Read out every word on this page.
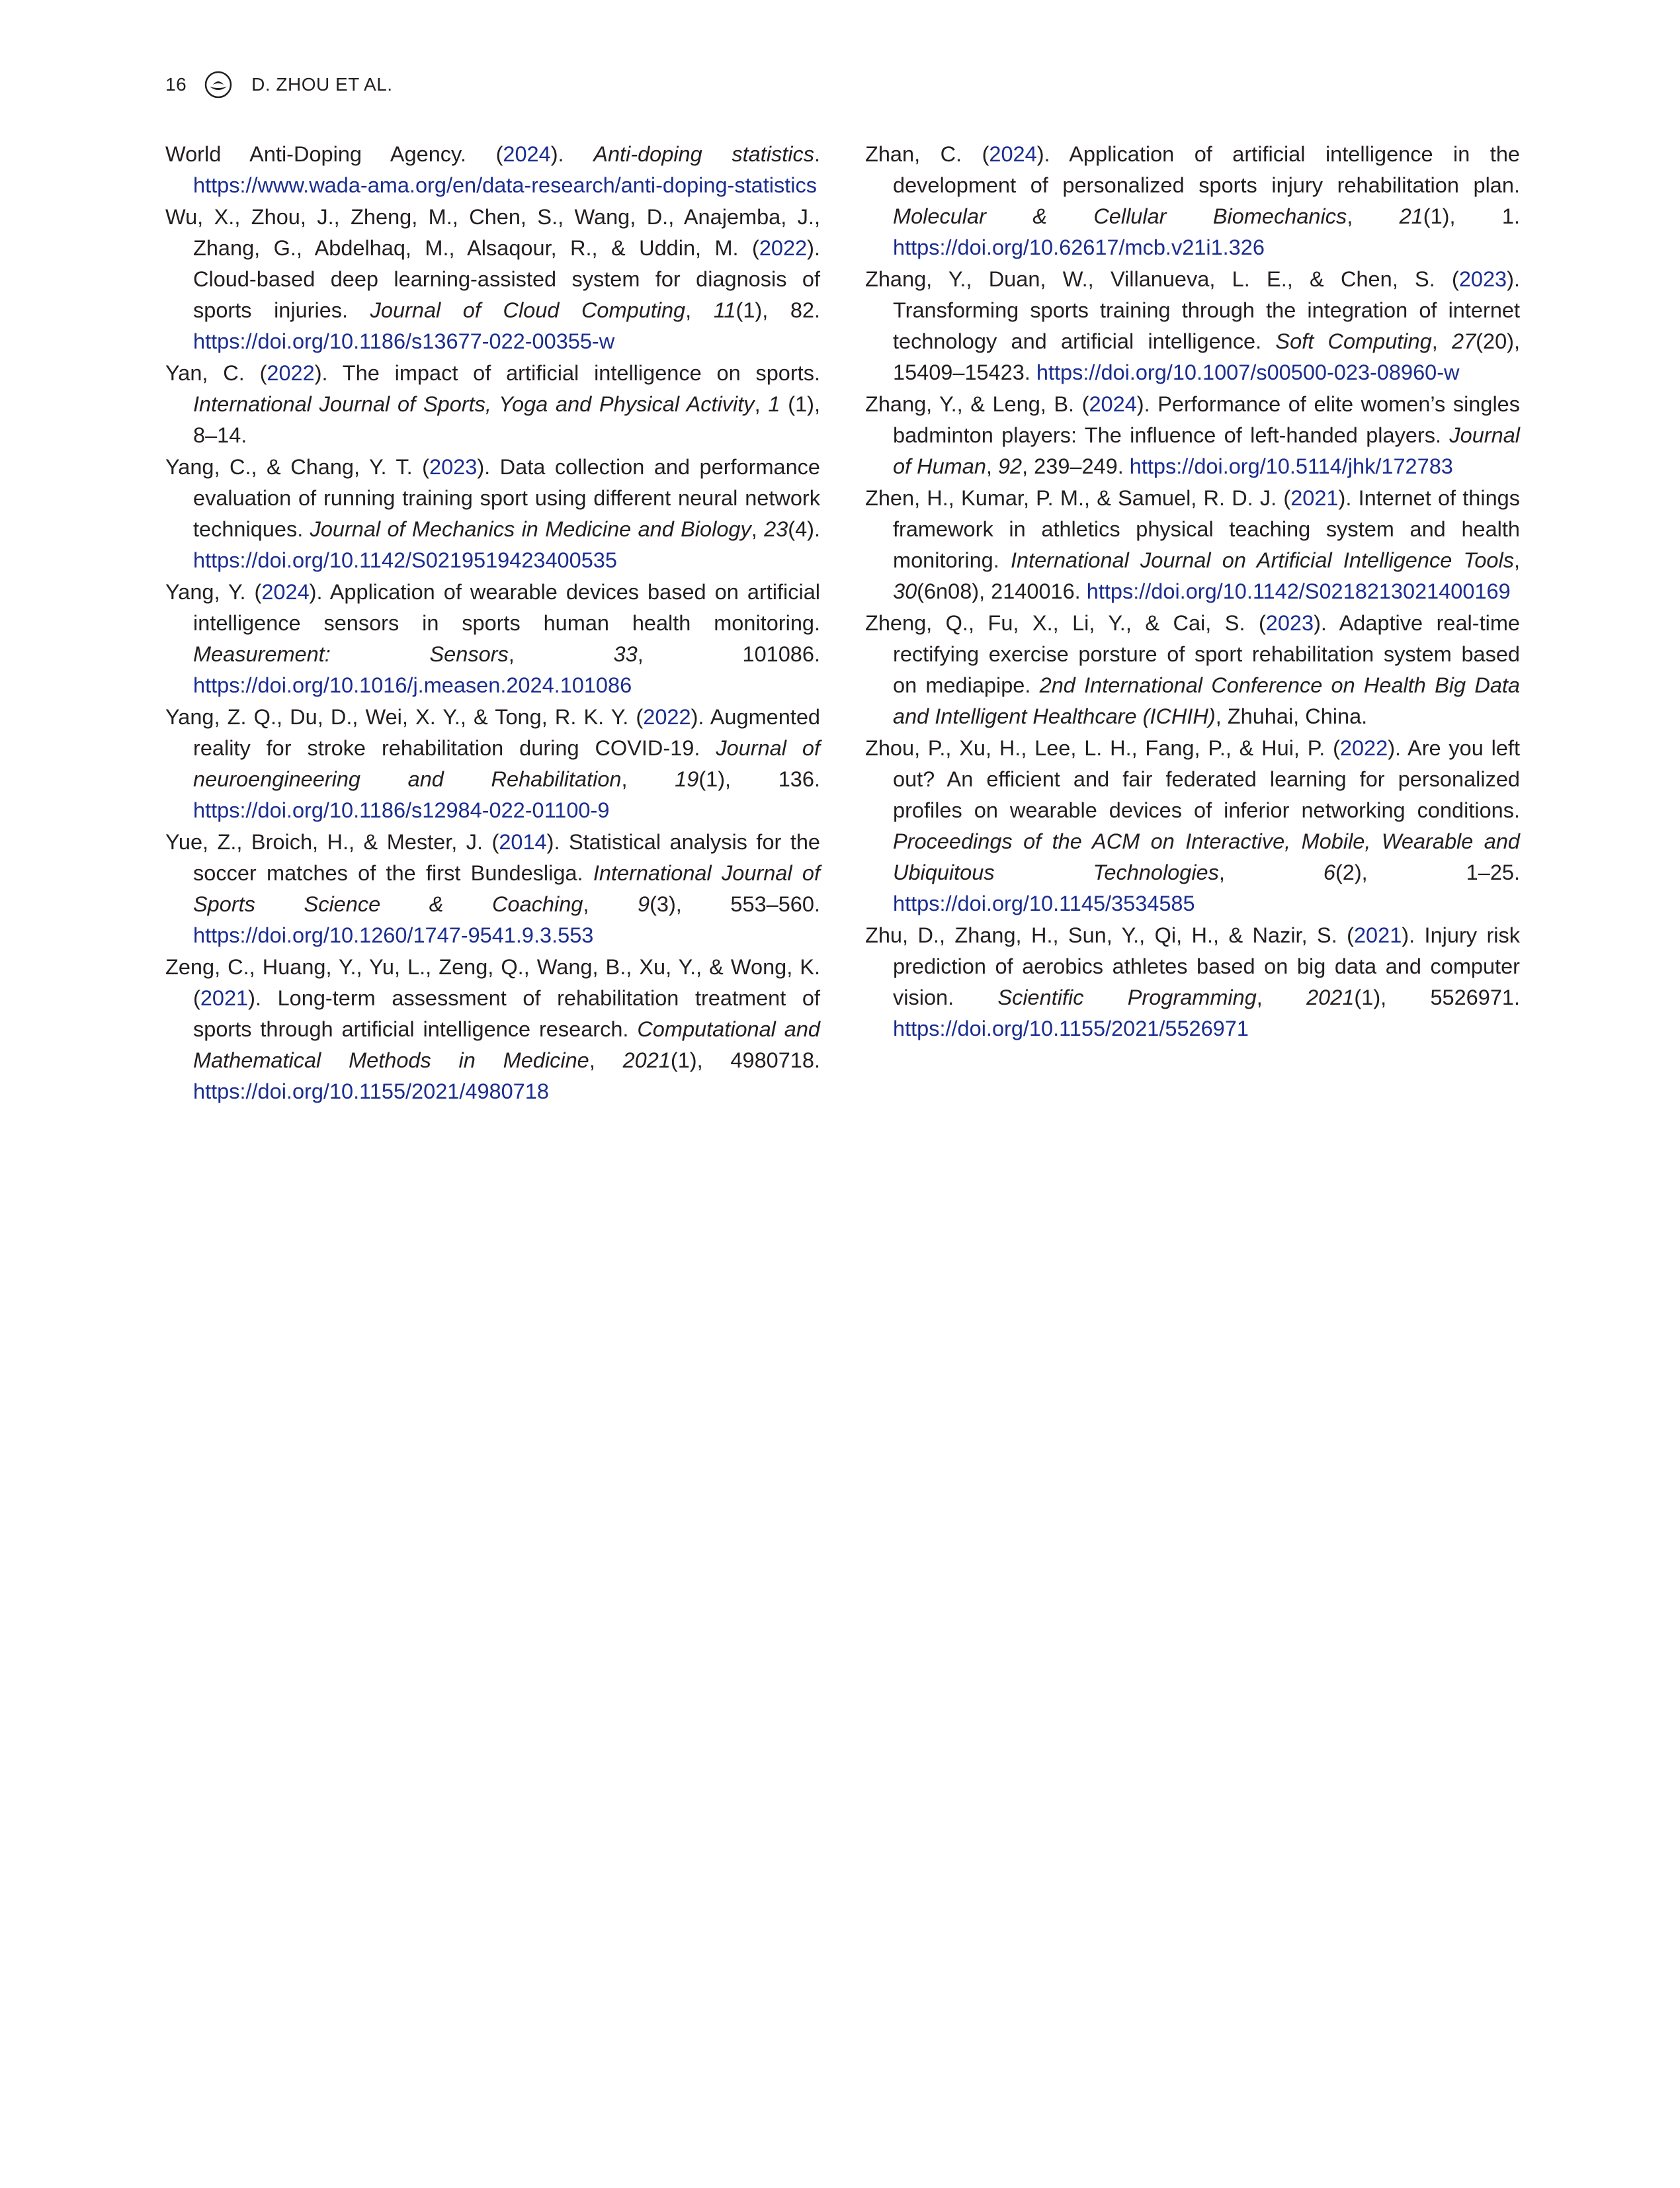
16	D. ZHOU ET AL.

World Anti-Doping Agency. (2024). Anti-doping statistics. https://www.wada-ama.org/en/data-research/anti-doping-statistics

Wu, X., Zhou, J., Zheng, M., Chen, S., Wang, D., Anajemba, J., Zhang, G., Abdelhaq, M., Alsaqour, R., & Uddin, M. (2022). Cloud-based deep learning-assisted system for diagnosis of sports injuries. Journal of Cloud Computing, 11(1), 82. https://doi.org/10.1186/s13677-022-00355-w

Yan, C. (2022). The impact of artificial intelligence on sports. International Journal of Sports, Yoga and Physical Activity, 1 (1), 8–14.

Yang, C., & Chang, Y. T. (2023). Data collection and performance evaluation of running training sport using different neural network techniques. Journal of Mechanics in Medicine and Biology, 23(4). https://doi.org/10.1142/S0219519423400535

Yang, Y. (2024). Application of wearable devices based on artificial intelligence sensors in sports human health monitoring. Measurement: Sensors, 33, 101086. https://doi.org/10.1016/j.measen.2024.101086

Yang, Z. Q., Du, D., Wei, X. Y., & Tong, R. K. Y. (2022). Augmented reality for stroke rehabilitation during COVID-19. Journal of neuroengineering and Rehabilitation, 19(1), 136. https://doi.org/10.1186/s12984-022-01100-9

Yue, Z., Broich, H., & Mester, J. (2014). Statistical analysis for the soccer matches of the first Bundesliga. International Journal of Sports Science & Coaching, 9(3), 553–560. https://doi.org/10.1260/1747-9541.9.3.553

Zeng, C., Huang, Y., Yu, L., Zeng, Q., Wang, B., Xu, Y., & Wong, K. (2021). Long-term assessment of rehabilitation treatment of sports through artificial intelligence research. Computational and Mathematical Methods in Medicine, 2021(1), 4980718. https://doi.org/10.1155/2021/4980718

Zhan, C. (2024). Application of artificial intelligence in the development of personalized sports injury rehabilitation plan. Molecular & Cellular Biomechanics, 21(1), 1. https://doi.org/10.62617/mcb.v21i1.326

Zhang, Y., Duan, W., Villanueva, L. E., & Chen, S. (2023). Transforming sports training through the integration of internet technology and artificial intelligence. Soft Computing, 27(20), 15409–15423. https://doi.org/10.1007/s00500-023-08960-w

Zhang, Y., & Leng, B. (2024). Performance of elite women’s singles badminton players: The influence of left-handed players. Journal of Human, 92, 239–249. https://doi.org/10.5114/jhk/172783

Zhen, H., Kumar, P. M., & Samuel, R. D. J. (2021). Internet of things framework in athletics physical teaching system and health monitoring. International Journal on Artificial Intelligence Tools, 30(6n08), 2140016. https://doi.org/10.1142/S0218213021400169

Zheng, Q., Fu, X., Li, Y., & Cai, S. (2023). Adaptive real-time rectifying exercise porsture of sport rehabilitation system based on mediapipe. 2nd International Conference on Health Big Data and Intelligent Healthcare (ICHIH), Zhuhai, China.

Zhou, P., Xu, H., Lee, L. H., Fang, P., & Hui, P. (2022). Are you left out? An efficient and fair federated learning for personalized profiles on wearable devices of inferior networking conditions. Proceedings of the ACM on Interactive, Mobile, Wearable and Ubiquitous Technologies, 6(2), 1–25. https://doi.org/10.1145/3534585

Zhu, D., Zhang, H., Sun, Y., Qi, H., & Nazir, S. (2021). Injury risk prediction of aerobics athletes based on big data and computer vision. Scientific Programming, 2021(1), 5526971. https://doi.org/10.1155/2021/5526971
